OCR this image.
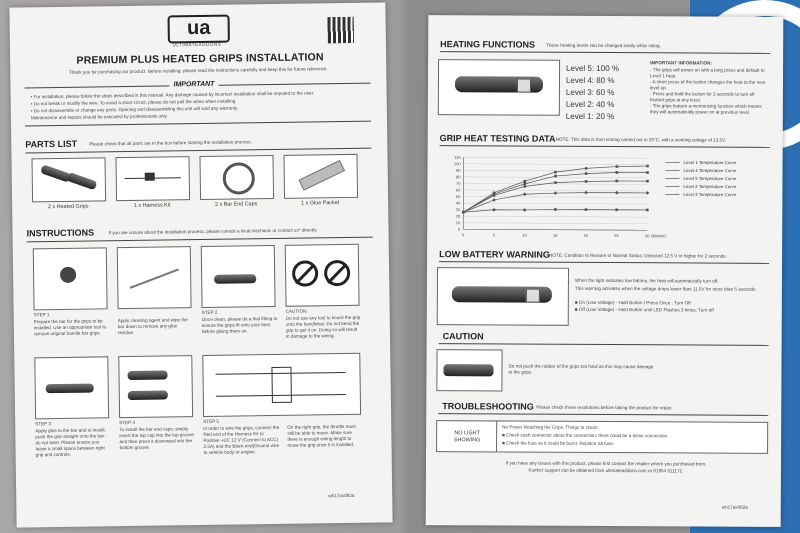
ua
ULTIMATEADDONS
PREMIUM PLUS HEATED GRIPS INSTALLATION
Thank you for purchasing our product. Before installing, please read the instructions carefully and keep this for future reference.
IMPORTANT
• For installation, please follow the steps described in this manual. Any damage caused by incorrect installation shall be imputed to the user.
• Do not break or modify the wire. To avoid a short circuit, please do not pull the wires when installing.
• Do not disassemble or change any parts. Opening and disassembling this unit will void any warranty.
Maintenance and repairs should be executed by professionals only.
PARTS LIST	Please check that all parts are in the box before starting the installation process.
2 x Heated Grips	1 x Harness Kit	2 x Bar End Caps	1 x Glue Packet
INSTRUCTIONS	If you are unsure about the installation process, please consult a local mechanic or contact us* directly.
STEP 1
Prepare the bar for the grips to be installed. Use an appropriate tool to remove original handle bar grips.
Apply cleaning agent and wipe the bar down to remove any glue residue.
STEP 2
Once clean, please do a trial fitting to ensure the grips fit onto your bars before gluing them on.
CAUTION:
Do not use any tool to knock the grip onto the handlebar. Do not bend the grip to get it on. Doing so will result in damage to the wiring.
STEP 3
Apply glue to the bar and to install, push the grip straight onto the bar - do not twist. Please ensure you leave a small space between right grip and controls.
STEP 4
To install the bar end caps, simply insert the top cap into the top groove and then press it downward into the bottom groove.
STEP 5
In order to wire the grips, connect the Red end of the Harness Kit to Positive +DC 12 V (Connect to ACC) 2.5A) and the Black end(Ground wire to vehicle body or engine.
On the right grip, the throttle must still be able to move. Make sure there is enough wiring length to move the grip once it is installed.
wh17ax082a
HEATING FUNCTIONS These heating levels can be changed easily while riding.
Level 5: 100 %
Level 4: 80 %
Level 3: 60 %
Level 2: 40 %
Level 1: 20 %
IMPORTANT INFORMATION:
- The grips will power on with a long press and default to Level 1 heat.
- A short press of the button changes the heat to the next level up.
- Press and hold the button for 3 seconds to turn off heated grips at any level.
- The grips feature a memorising function which means they will automatically power on at previous level.
GRIP HEAT TESTING DATA NOTE: This data is from testing carried out in 26°C, with a working voltage of 13.5V.
0
10
20
30
40
50
60
70
80
90
100
110
0	5	10	15	20	25	30 (Minute)
Level 1 Temperature Curve
Level 4 Temperature Curve
Level 5 Temperature Curve
Level 2 Temperature Curve
Level 3 Temperature Curve
LOW BATTERY WARNING NOTE: Condition to Restore to Normal Status: Detected 12.5 V or higher for 2 seconds.
When the light indicates low battery, the heat will automatically turn off.
This warning activates when the voltage drops lower than 11.5V for more than 5 seconds.
■ On (Low Voltage) - Hold Button / Press Once : Turn Off
■ Off (Low Voltage) - Hold Button until LED Flashes 3 times: Turn off
CAUTION
Do not push the rubber of the grips too hard as this may cause damage to the grips.
TROUBLESHOOTING Please check these resolutions before taking the product for repair.
NO LIGHT SHOWING
No Power Reaching the Grips. Things to check:
■ Check each connector about the connection: there could be a loose connection.
■ Check the fuse as it could be burnt. Replace 4A fuse.
If you have any issues with this product, please first contact the retailer where you purchased from.
Further support can be obtained from ultimateaddons.com or 01954 611172.
wh17ax082a
